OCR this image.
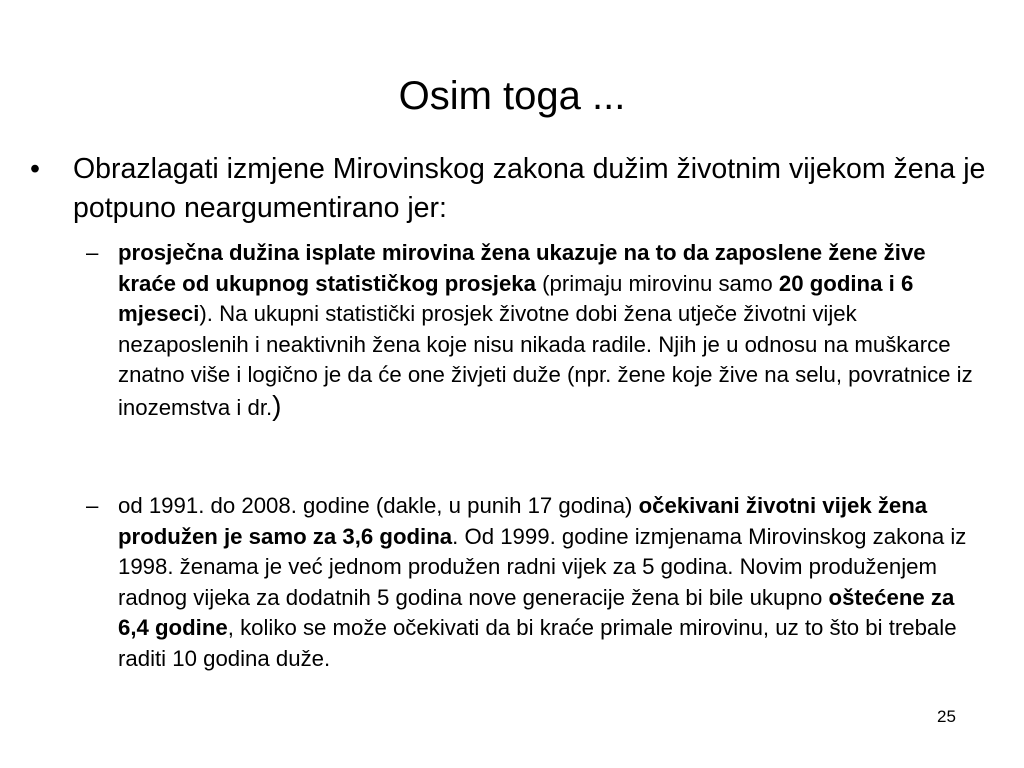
Osim toga ...
•	Obrazlagati izmjene Mirovinskog zakona dužim životnim vijekom žena je potpuno neargumentirano jer:
– prosječna dužina isplate mirovina žena ukazuje na to da zaposlene žene žive kraće od ukupnog statističkog prosjeka (primaju mirovinu samo 20 godina i 6 mjeseci). Na ukupni statistički prosjek životne dobi žena utječe životni vijek nezaposlenih i neaktivnih žena koje nisu nikada radile. Njih je u odnosu na muškarce znatno više i logično je da će one živjeti duže (npr. žene koje žive na selu, povratnice iz inozemstva i dr.)
– od 1991. do 2008. godine (dakle, u punih 17 godina) očekivani životni vijek žena produžen je samo za 3,6 godina. Od 1999. godine izmjenama Mirovinskog zakona iz 1998. ženama je već jednom produžen radni vijek za 5 godina. Novim produženjem radnog vijeka za dodatnih 5 godina nove generacije žena bi bile ukupno oštećene za 6,4 godine, koliko se može očekivati da bi kraće primale mirovinu, uz to što bi trebale raditi 10 godina duže.
25
